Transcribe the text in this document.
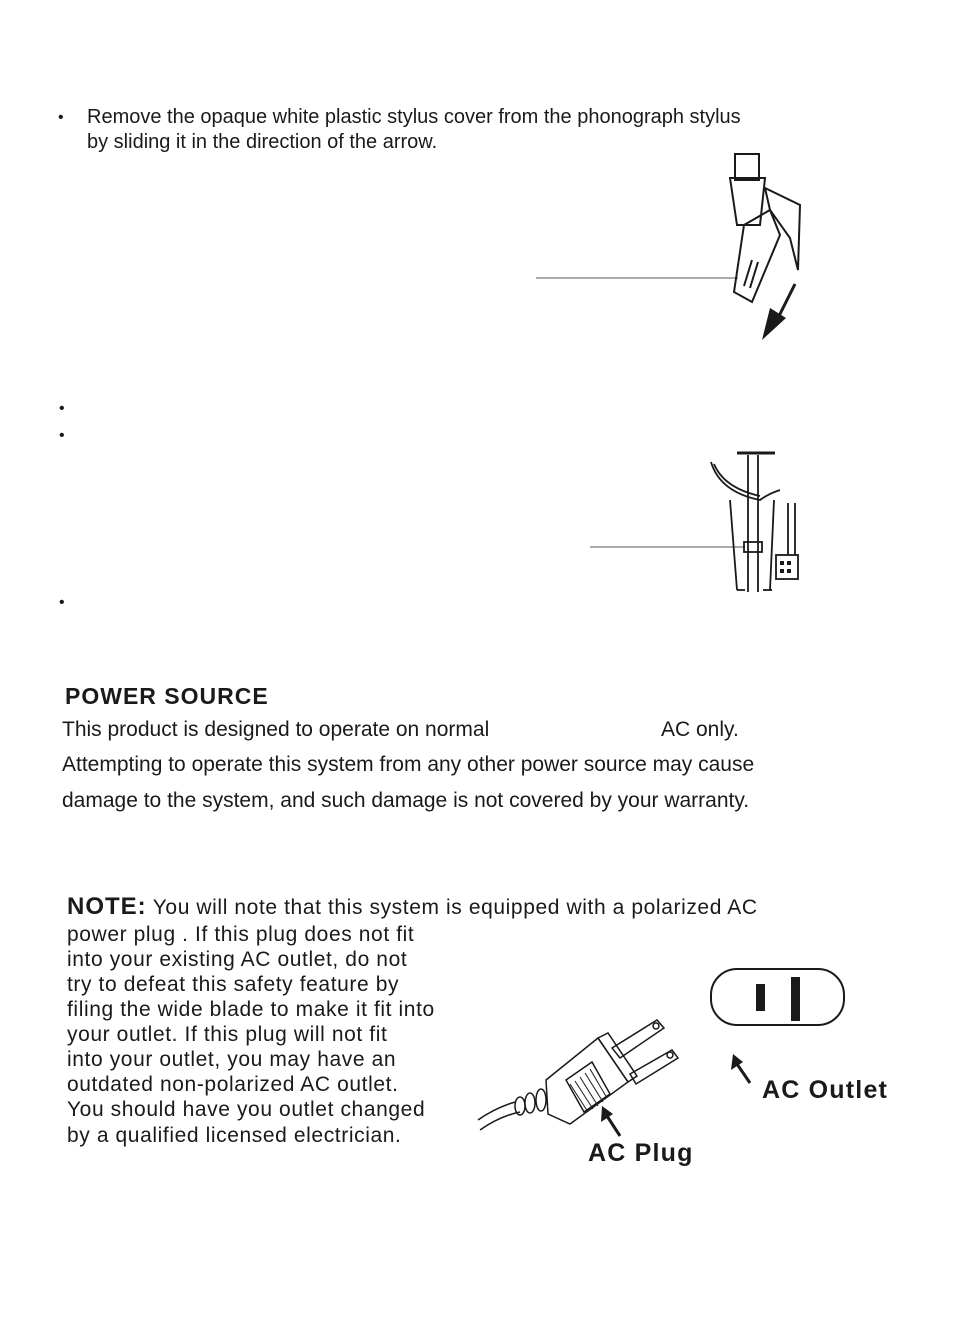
• Remove the opaque white plastic stylus cover from the phonograph stylus
by sliding it in the direction of the arrow.
•
•
•
POWER SOURCE
This product is designed to operate on normal	AC only.
Attempting to operate this system from any other power source may cause
damage to the system, and such damage is not covered by your warranty.
NOTE: You will note that this system is equipped with a polarized AC
power plug . If this plug does not fit
into your existing AC outlet, do not
try to defeat this safety feature by
filing the wide blade to make it fit into
your outlet. If this plug will not fit
into your outlet, you may have an
outdated non-polarized AC outlet.
You should have you outlet changed
by a qualified licensed electrician.
AC Outlet
AC Plug
